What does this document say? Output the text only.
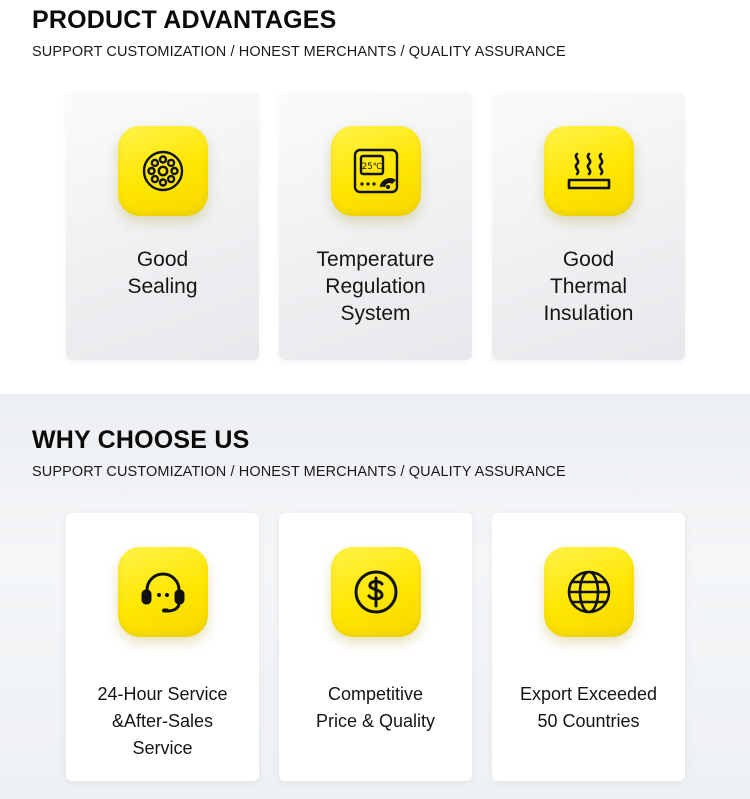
PRODUCT ADVANTAGES
SUPPORT CUSTOMIZATION / HONEST MERCHANTS / QUALITY ASSURANCE
Good
Sealing
25℃
Temperature
Regulation
System
Good
Thermal
Insulation
WHY CHOOSE US
SUPPORT CUSTOMIZATION / HONEST MERCHANTS / QUALITY ASSURANCE
24-Hour Service
&After-Sales
Service
Competitive
Price & Quality
Export Exceeded
50 Countries
